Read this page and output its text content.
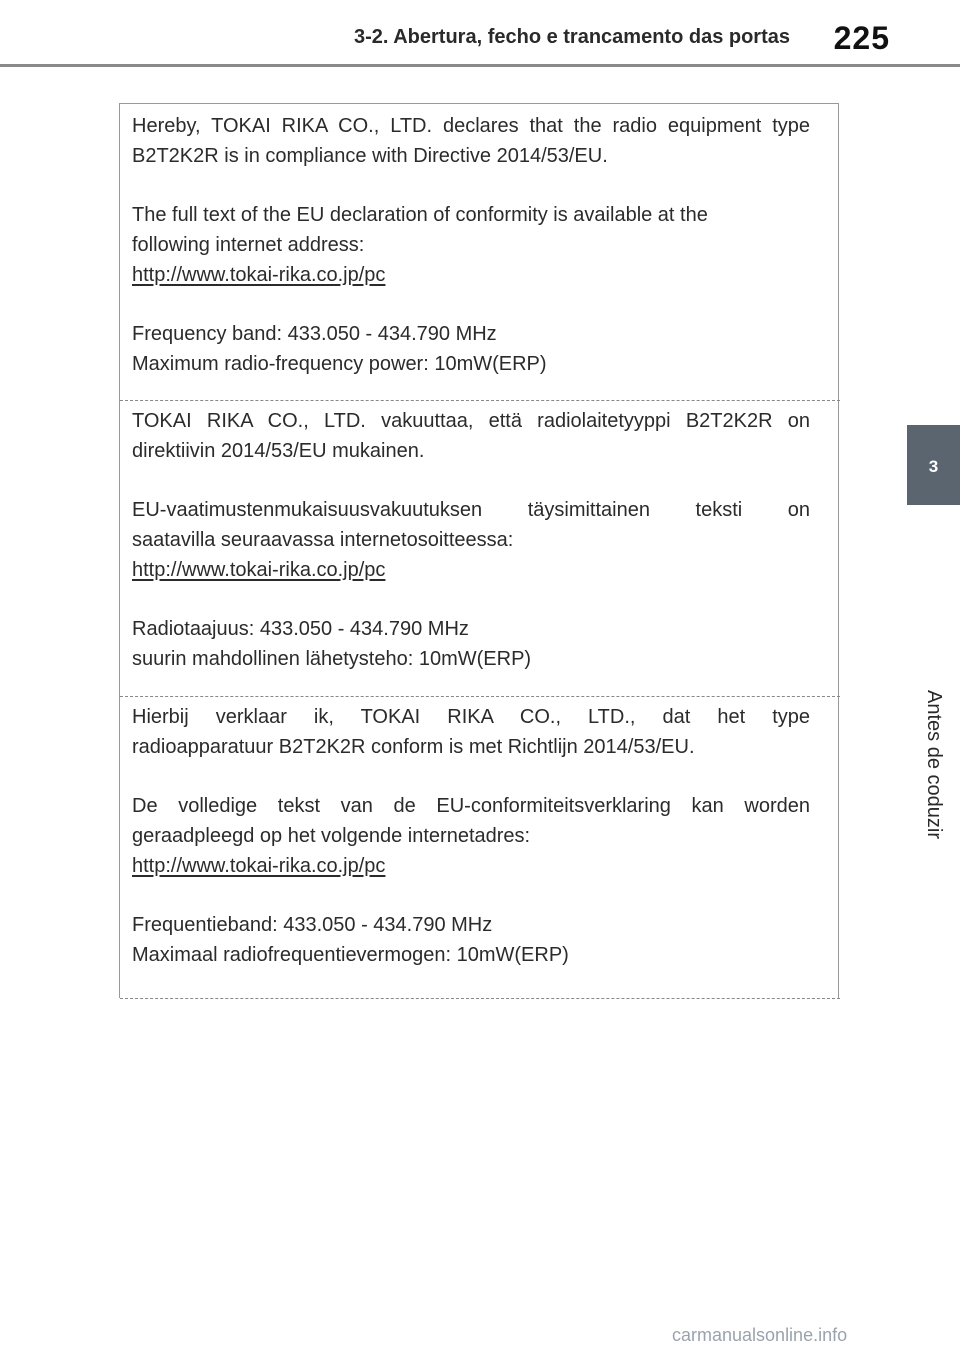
3-2. Abertura, fecho e trancamento das portas 225
3
Antes de coduzir
Hereby, TOKAI RIKA CO., LTD. declares that the radio equipment type
B2T2K2R is in compliance with Directive 2014/53/EU.
The full text of the EU declaration of conformity is available at the
following internet address:
http://www.tokai-rika.co.jp/pc
Frequency band: 433.050 - 434.790 MHz
Maximum radio-frequency power: 10mW(ERP)
TOKAI RIKA CO., LTD. vakuuttaa, että radiolaitetyyppi B2T2K2R on
direktiivin 2014/53/EU mukainen.
EU-vaatimustenmukaisuusvakuutuksen täysimittainen teksti on
saatavilla seuraavassa internetosoitteessa:
http://www.tokai-rika.co.jp/pc
Radiotaajuus: 433.050 - 434.790 MHz
suurin mahdollinen lähetysteho: 10mW(ERP)
Hierbij verklaar ik, TOKAI RIKA CO., LTD., dat het type
radioapparatuur B2T2K2R conform is met Richtlijn 2014/53/EU.
De volledige tekst van de EU-conformiteitsverklaring kan worden
geraadpleegd op het volgende internetadres:
http://www.tokai-rika.co.jp/pc
Frequentieband: 433.050 - 434.790 MHz
Maximaal radiofrequentievermogen: 10mW(ERP)
carmanualsonline.info
